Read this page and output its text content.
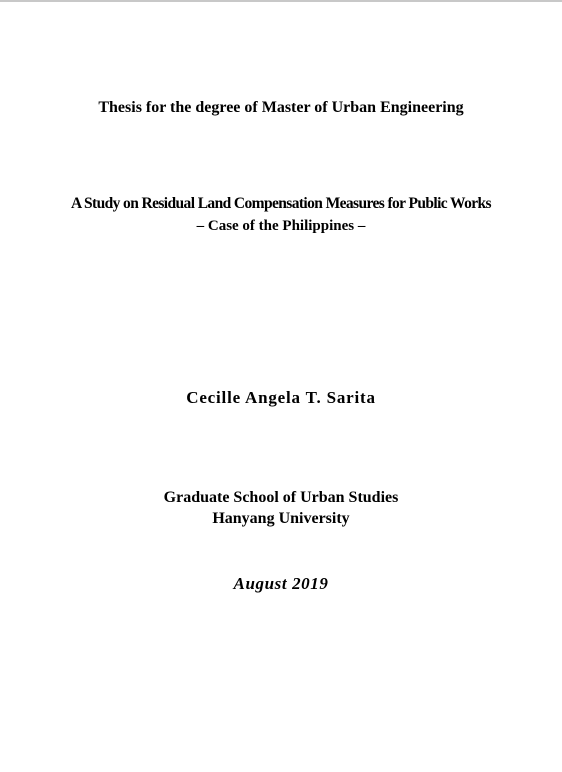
Thesis for the degree of Master of Urban Engineering
A Study on Residual Land Compensation Measures for Public Works
– Case of the Philippines –
Cecille Angela T. Sarita
Graduate School of Urban Studies
Hanyang University
August 2019
